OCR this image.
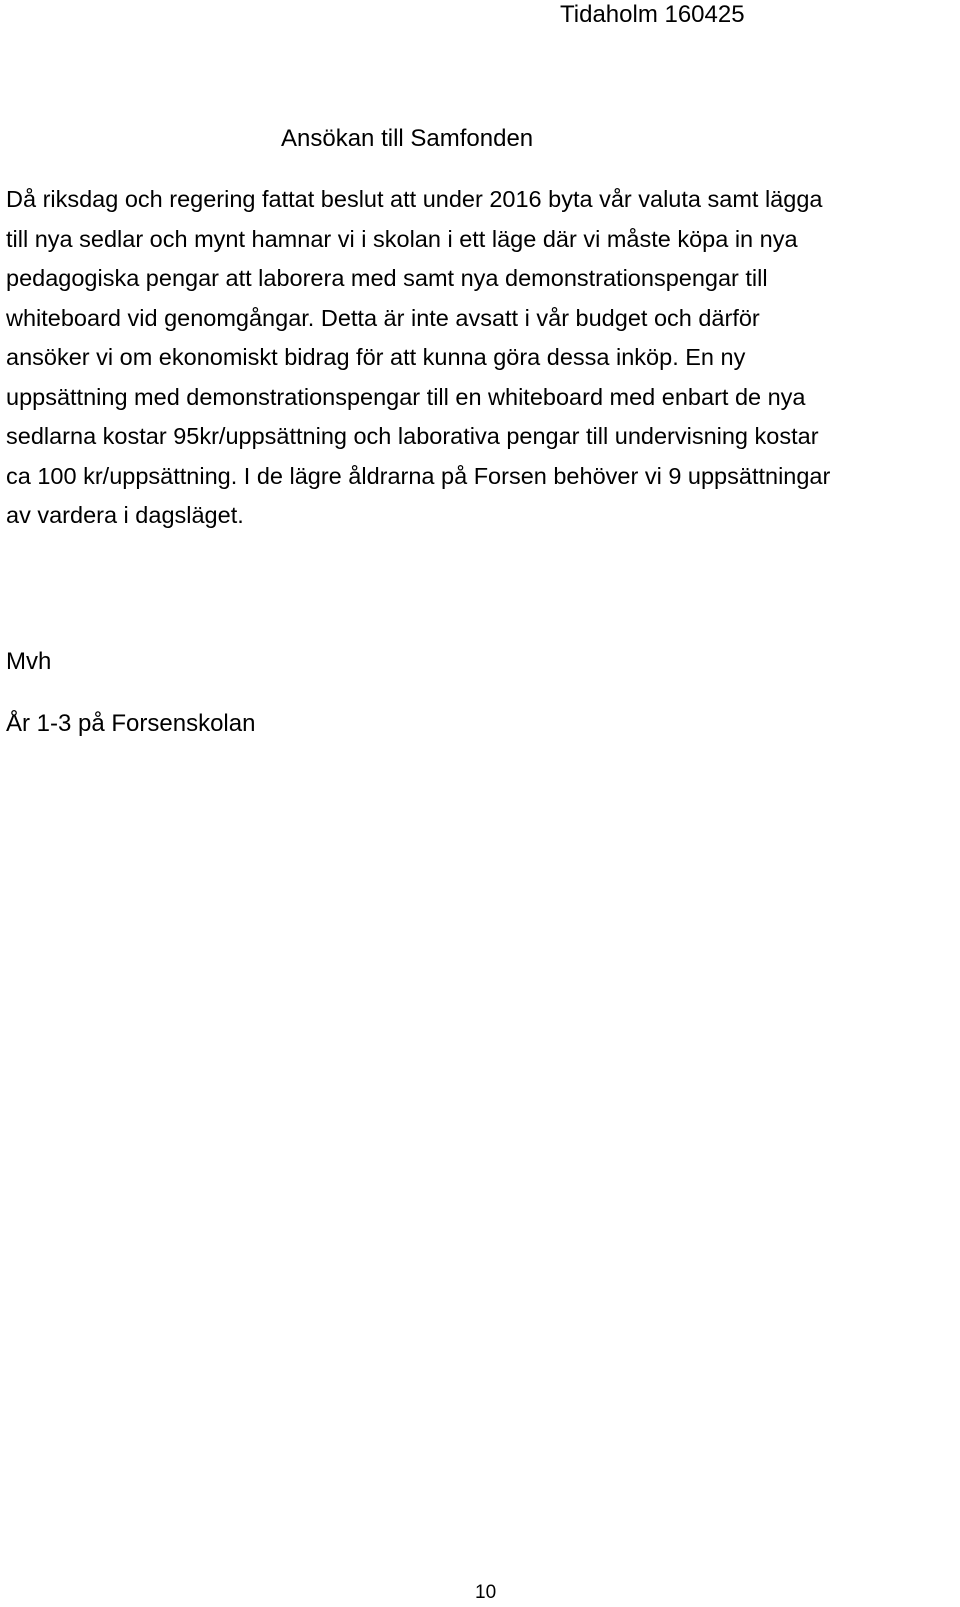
Tidaholm 160425
Ansökan till Samfonden
Då riksdag och regering fattat beslut att under 2016 byta vår valuta samt lägga
till nya sedlar och mynt hamnar vi i skolan i ett läge där vi måste köpa in nya
pedagogiska pengar att laborera med samt nya demonstrationspengar till
whiteboard vid genomgångar. Detta är inte avsatt i vår budget och därför
ansöker vi om ekonomiskt bidrag för att kunna göra dessa inköp. En ny
uppsättning med demonstrationspengar till en whiteboard med enbart de nya
sedlarna kostar 95kr/uppsättning och laborativa pengar till undervisning kostar
ca 100 kr/uppsättning. I de lägre åldrarna på Forsen behöver vi 9 uppsättningar
av vardera i dagsläget.
Mvh
År 1-3 på Forsenskolan
10
